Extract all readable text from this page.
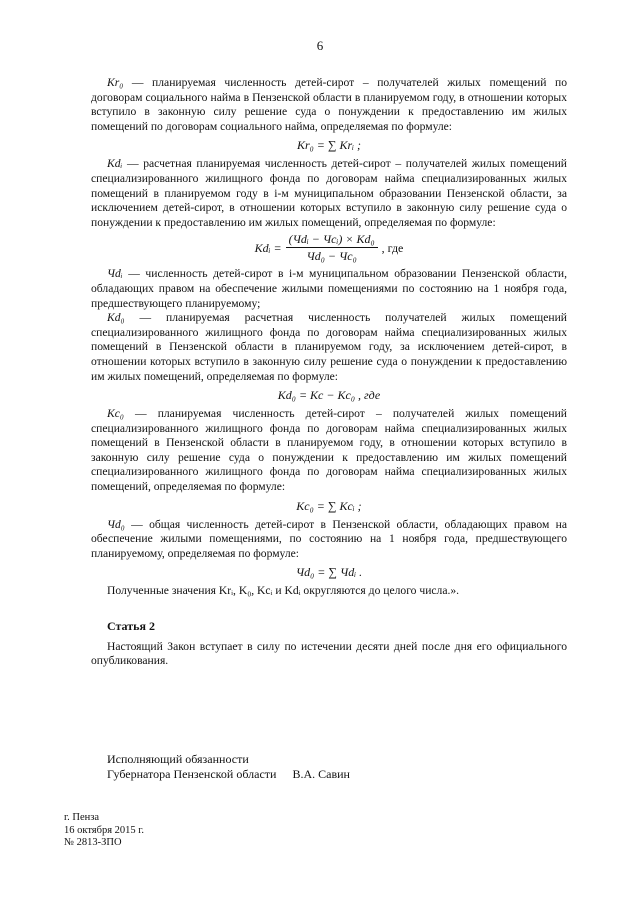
6

Kr₀ — планируемая численность детей-сирот – получателей жилых помещений по договорам социального найма в Пензенской области в планируемом году, в отношении которых вступило в законную силу решение суда о понуждении к предоставлению им жилых помещений по договорам социального найма, определяемая по формуле:

Kr₀ = ∑ Krᵢ ;

Kdᵢ — расчетная планируемая численность детей-сирот – получателей жилых помещений специализированного жилищного фонда по договорам найма специализированных жилых помещений в планируемом году в i-м муниципальном образовании Пензенской области, за исключением детей-сирот, в отношении которых вступило в законную силу решение суда о понуждении к предоставлению им жилых помещений, определяемая по формуле:

Kdᵢ = $\frac{\text{(Чdᵢ − Чcᵢ) × Kd₀}}{\text{Чd₀ − Чc₀}}$ , где

Чdᵢ — численность детей-сирот в i-м муниципальном образовании Пензенской области, обладающих правом на обеспечение жилыми помещениями по состоянию на 1 ноября года, предшествующего планируемому;

Kd₀ — планируемая расчетная численность получателей жилых помещений специализированного жилищного фонда по договорам найма специализированных жилых помещений в Пензенской области в планируемом году, за исключением детей-сирот, в отношении которых вступило в законную силу решение суда о понуждении к предоставлению им жилых помещений, определяемая по формуле:

Kd₀ = Kc − Kc₀ , где

Kc₀ — планируемая численность детей-сирот – получателей жилых помещений специализированного жилищного фонда по договорам найма специализированных жилых помещений в Пензенской области в планируемом году, в отношении которых вступило в законную силу решение суда о понуждении к предоставлению им жилых помещений специализированного жилищного фонда по договорам найма специализированных жилых помещений, определяемая по формуле:

Kc₀ = ∑ Kcᵢ ;

Чd₀ — общая численность детей-сирот в Пензенской области, обладающих правом на обеспечение жилыми помещениями, по состоянию на 1 ноября года, предшествующего планируемому, определяемая по формуле:

Чd₀ = ∑ Чdᵢ .

Полученные значения Krᵢ, K₀, Kcᵢ и Kdᵢ округляются до целого числа.».

Статья 2

Настоящий Закон вступает в силу по истечении десяти дней после дня его официального опубликования.

Исполняющий обязанности
Губернатора Пензенской области В.А. Савин
г. Пенза
16 октября 2015 г.
№ 2813-ЗПО
